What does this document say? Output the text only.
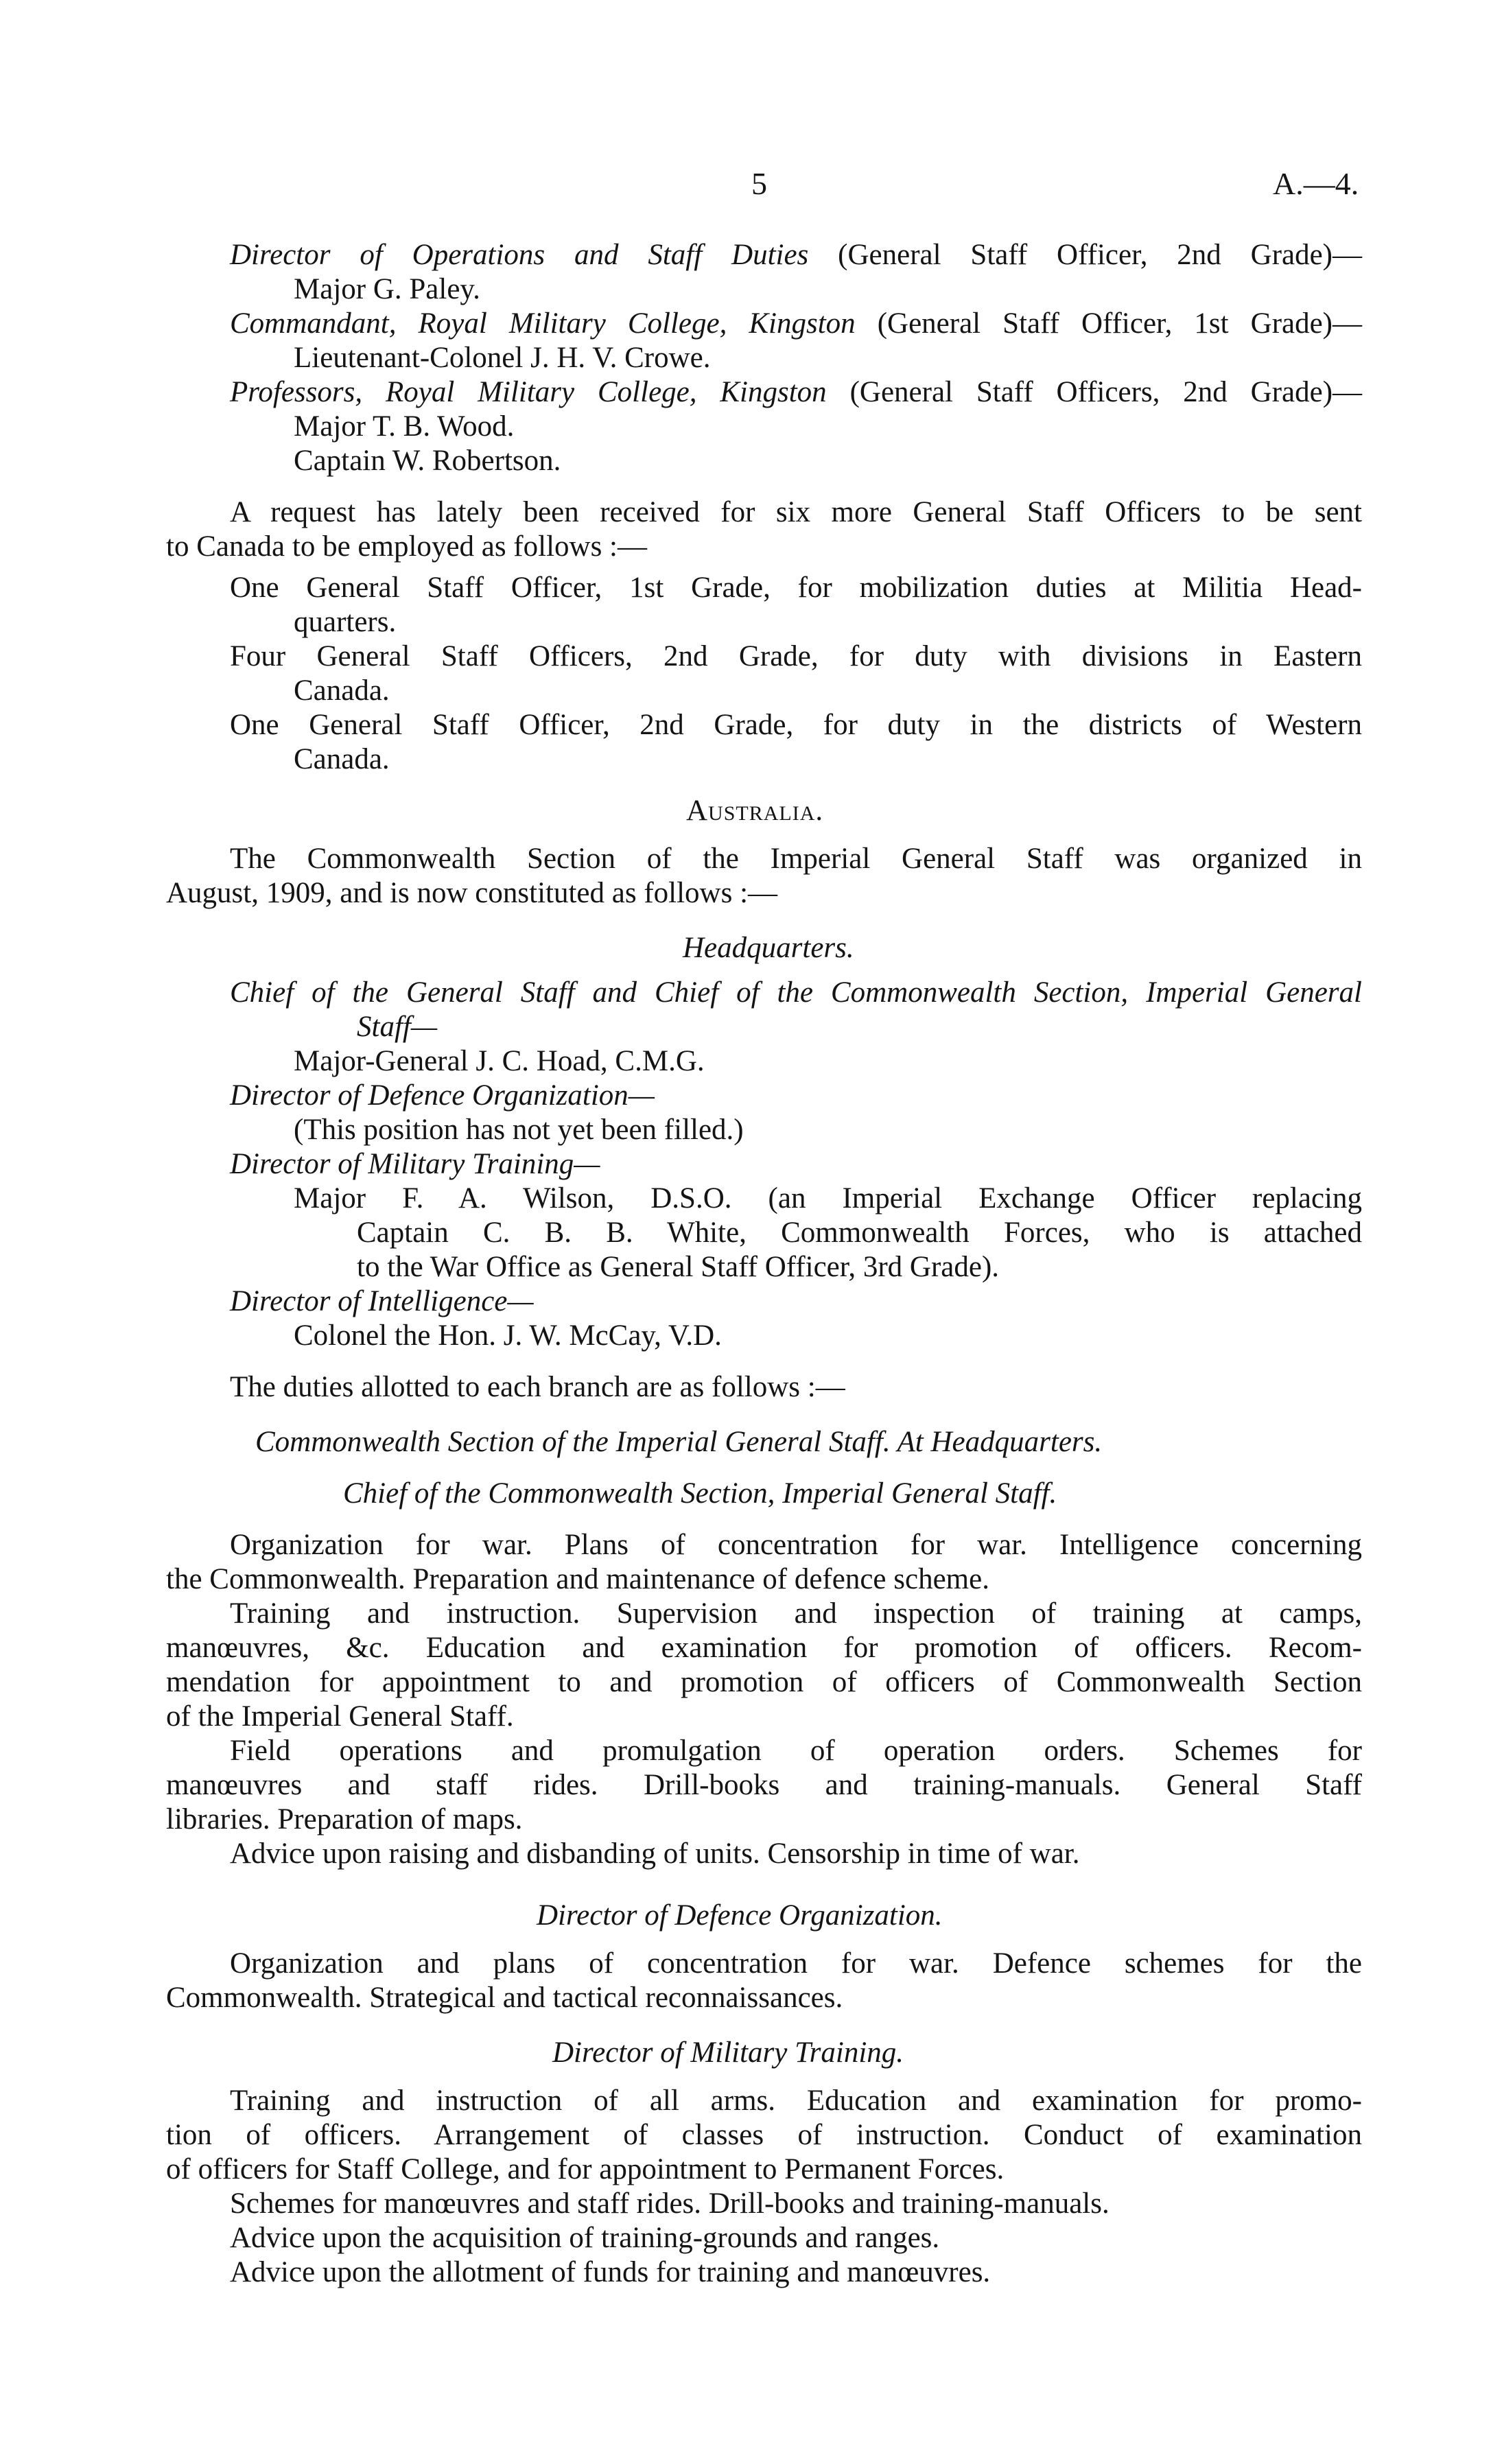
5	A.—4.
Director of Operations and Staff Duties (General Staff Officer, 2nd Grade)—
Major G. Paley.
Commandant, Royal Military College, Kingston (General Staff Officer, 1st Grade)—
Lieutenant-Colonel J. H. V. Crowe.
Professors, Royal Military College, Kingston (General Staff Officers, 2nd Grade)—
Major T. B. Wood.
Captain W. Robertson.
A request has lately been received for six more General Staff Officers to be sent
to Canada to be employed as follows :—
One General Staff Officer, 1st Grade, for mobilization duties at Militia Head-
quarters.
Four General Staff Officers, 2nd Grade, for duty with divisions in Eastern
Canada.
One General Staff Officer, 2nd Grade, for duty in the districts of Western
Canada.
Australia.
The Commonwealth Section of the Imperial General Staff was organized in
August, 1909, and is now constituted as follows :—
Headquarters.
Chief of the General Staff and Chief of the Commonwealth Section, Imperial General
Staff—
Major-General J. C. Hoad, C.M.G.
Director of Defence Organization—
(This position has not yet been filled.)
Director of Military Training—
Major F. A. Wilson, D.S.O. (an Imperial Exchange Officer replacing
Captain C. B. B. White, Commonwealth Forces, who is attached
to the War Office as General Staff Officer, 3rd Grade).
Director of Intelligence—
Colonel the Hon. J. W. McCay, V.D.
The duties allotted to each branch are as follows :—
Commonwealth Section of the Imperial General Staff. At Headquarters.
Chief of the Commonwealth Section, Imperial General Staff.
Organization for war. Plans of concentration for war. Intelligence concerning
the Commonwealth. Preparation and maintenance of defence scheme.
Training and instruction. Supervision and inspection of training at camps,
manœuvres, &c. Education and examination for promotion of officers. Recom-
mendation for appointment to and promotion of officers of Commonwealth Section
of the Imperial General Staff.
Field operations and promulgation of operation orders. Schemes for
manœuvres and staff rides. Drill-books and training-manuals. General Staff
libraries. Preparation of maps.
Advice upon raising and disbanding of units. Censorship in time of war.
Director of Defence Organization.
Organization and plans of concentration for war. Defence schemes for the
Commonwealth. Strategical and tactical reconnaissances.
Director of Military Training.
Training and instruction of all arms. Education and examination for promo-
tion of officers. Arrangement of classes of instruction. Conduct of examination
of officers for Staff College, and for appointment to Permanent Forces.
Schemes for manœuvres and staff rides. Drill-books and training-manuals.
Advice upon the acquisition of training-grounds and ranges.
Advice upon the allotment of funds for training and manœuvres.
